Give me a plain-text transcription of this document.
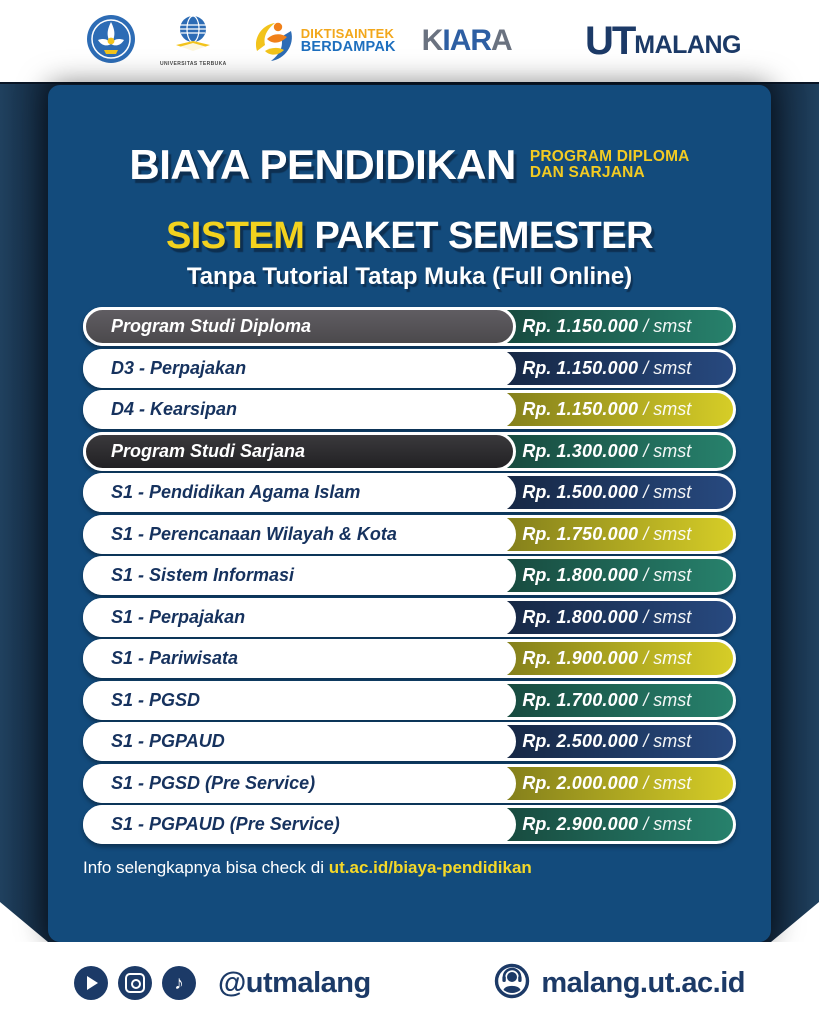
UNIVERSITAS TERBUKA
DIKTISAINTEK
BERDAMPAK KIARA UT MALANG
BIAYA PENDIDIKAN PROGRAM DIPLOMA
DAN SARJANA
SISTEM PAKET SEMESTER
Tanpa Tutorial Tatap Muka (Full Online)
Program Studi Diploma	Rp. 1.150.000 / smst
D3 - Perpajakan	Rp. 1.150.000 / smst
D4 - Kearsipan	Rp. 1.150.000 / smst
Program Studi Sarjana	Rp. 1.300.000 / smst
S1 - Pendidikan Agama Islam	Rp. 1.500.000 / smst
S1 - Perencanaan Wilayah & Kota	Rp. 1.750.000 / smst
S1 - Sistem Informasi	Rp. 1.800.000 / smst
S1 - Perpajakan	Rp. 1.800.000 / smst
S1 - Pariwisata	Rp. 1.900.000 / smst
S1 - PGSD	Rp. 1.700.000 / smst
S1 - PGPAUD	Rp. 2.500.000 / smst
S1 - PGSD (Pre Service)	Rp. 2.000.000 / smst
S1 - PGPAUD (Pre Service)	Rp. 2.900.000 / smst
Info selengkapnya bisa check di ut.ac.id/biaya-pendidikan
♪ @utmalang	malang.ut.ac.id
